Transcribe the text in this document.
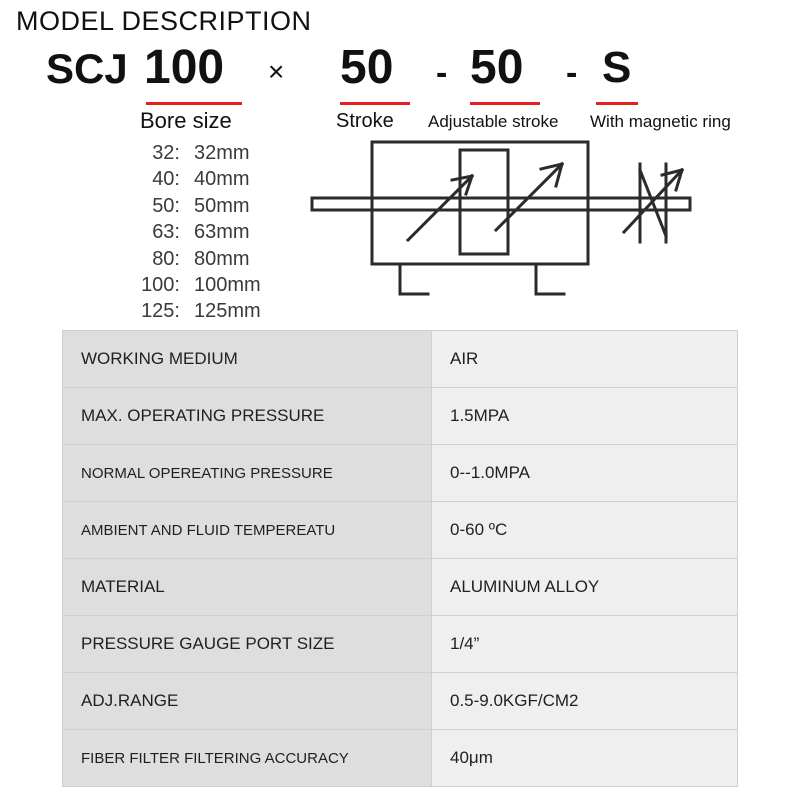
MODEL DESCRIPTION
SCJ 100 × 50 - 50 - S
Bore size	Stroke Adjustable stroke With magnetic ring
32: 32mm
40: 40mm
50: 50mm
63: 63mm
80: 80mm
100: 100mm
125: 125mm
WORKING MEDIUM	AIR
MAX. OPERATING PRESSURE	1.5MPA
NORMAL OPEREATING PRESSURE	0--1.0MPA
AMBIENT AND FLUID TEMPEREATU	0-60 ºC
MATERIAL	ALUMINUM ALLOY
PRESSURE GAUGE PORT SIZE	1/4”
ADJ.RANGE	0.5-9.0KGF/CM2
FIBER FILTER FILTERING ACCURACY	40μm
